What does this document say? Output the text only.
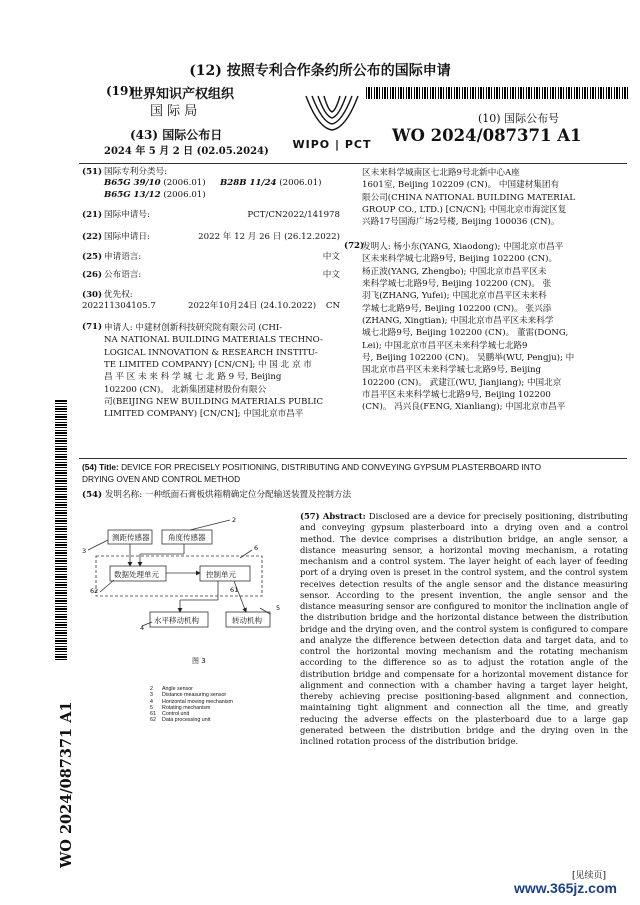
(12) 按照专利合作条约所公布的国际申请
(19)
世界知识产权组织
国 际 局
(43) 国际公布日
2024 年 5 月 2 日 (02.05.2024)
WIPO | PCT
(10) 国际公布号
WO 2024/087371 A1
(51) 国际专利分类号:
B65G 39/10 (2006.01) B28B 11/24 (2006.01)
B65G 13/12 (2006.01)
(21) 国际申请号:	PCT/CN2022/141978
(22) 国际申请日:	2022 年 12 月 26 日 (26.12.2022)
(25) 申请语言:	中文
(26) 公布语言:	中文
(30) 优先权:
202211304105.7	2022年10月24日 (24.10.2022) CN
(71) 申请人: 中建材创新科技研究院有限公司 (CHI-
NA NATIONAL BUILDING MATERIALS TECHNO-
LOGICAL INNOVATION & RESEARCH INSTITU-
TE LIMITED COMPANY) [CN/CN]; 中 国 北 京 市
昌 平 区 未 来 科 学 城 七 北 路 9 号, Beijing
102200 (CN)。 北新集团建材股份有限公
司(BEIJING NEW BUILDING MATERIALS PUBLIC
LIMITED COMPANY) [CN/CN]; 中国北京市昌平
区未来科学城南区七北路9号北新中心A座
1601室, Beijing 102209 (CN)。 中国建材集团有
限公司(CHINA NATIONAL BUILDING MATERIAL
GROUP CO., LTD.) [CN/CN]; 中国北京市海淀区复
兴路17号国海广场2号楼, Beijing 100036 (CN)。
(72)
发明人: 杨小东(YANG, Xiaodong); 中国北京市昌平
区未来科学城七北路9号, Beijing 102200 (CN)。
杨正波(YANG, Zhengbo); 中国北京市昌平区未
来科学城七北路9号, Beijing 102200 (CN)。 张
羽飞(ZHANG, Yufei); 中国北京市昌平区未来科
学城七北路9号, Beijing 102200 (CN)。 张兴添
(ZHANG, Xingtian); 中国北京市昌平区未来科学
城七北路9号, Beijing 102200 (CN)。 董雷(DONG,
Lei); 中国北京市昌平区未来科学城七北路9
号, Beijing 102200 (CN)。 吴鹏举(WU, Pengju); 中
国北京市昌平区未来科学城七北路9号, Beijing
102200 (CN)。 武建江(WU, Jianjiang); 中国北京
市昌平区未来科学城七北路9号, Beijing 102200
(CN)。 冯兴良(FENG, Xianliang); 中国北京市昌平
(54) Title: DEVICE FOR PRECISELY POSITIONING, DISTRIBUTING AND CONVEYING GYPSUM PLASTERBOARD INTO
DRYING OVEN AND CONTROL METHOD
(54) 发明名称: 一种纸面石膏板烘箱精确定位分配输送装置及控制方法
测距传感器 角度传感器
数据处理单元	控制单元
水平移动机构	转动机构
2
3	6
62	61
5
4
图 3
2 Angle sensor
3 Distance measuring sensor
4 Horizontal moving mechanism
5 Rotating mechanism
61 Control unit
62 Data processing unit
(57) Abstract: Disclosed are a device for precisely positioning, distributing and conveying gypsum plasterboard into a drying oven and a control method. The device comprises a distribution bridge, an angle sensor, a distance measuring sensor, a horizontal moving mechanism, a rotating mechanism and a control system. The layer height of each layer of feeding port of a drying oven is preset in the control system, and the control system receives detection results of the angle sensor and the distance measuring sensor. According to the present invention, the angle sensor and the distance measuring sensor are configured to monitor the inclination angle of the distribution bridge and the horizontal distance between the distribution bridge and the drying oven, and the control system is configured to compare and analyze the difference between detection data and target data, and to control the horizontal moving mechanism and the rotating mechanism according to the difference so as to adjust the rotation angle of the distribution bridge and compensate for a horizontal movement distance for alignment and connection with a chamber having a target layer height, thereby achieving precise positioning-based alignment and connection, maintaining tight alignment and connection all the time, and greatly reducing the adverse effects on the plasterboard due to a large gap generated between the distribution bridge and the drying oven in the inclined rotation process of the distribution bridge.
WO 2024/087371 A1
[见续页]
www.365jz.com
